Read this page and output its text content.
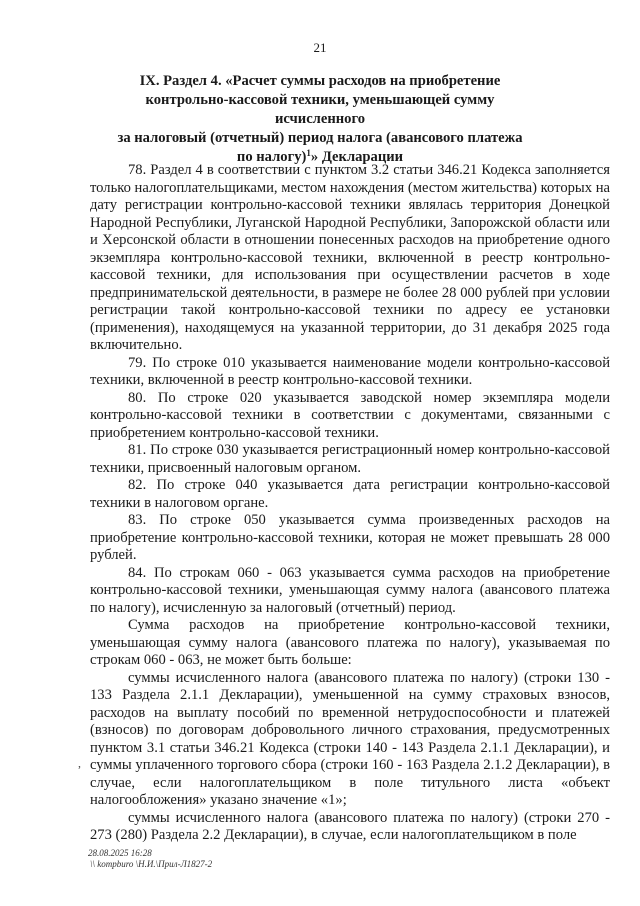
21
IX. Раздел 4. «Расчет суммы расходов на приобретение
контрольно-кассовой техники, уменьшающей сумму исчисленного
за налоговый (отчетный) период налога (авансового платежа
по налогу)$^1$» Декларации
,

78. Раздел 4 в соответствии с пунктом 3.2 статьи 346.21 Кодекса заполняется только налогоплательщиками, местом нахождения (местом жительства) которых на дату регистрации контрольно-кассовой техники являлась территория Донецкой Народной Республики, Луганской Народной Республики, Запорожской области или и Херсонской области в отношении понесенных расходов на приобретение одного экземпляра контрольно-кассовой техники, включенной в реестр контрольно-кассовой техники, для использования при осуществлении расчетов в ходе предпринимательской деятельности, в размере не более 28 000 рублей при условии регистрации такой контрольно-кассовой техники по адресу ее установки (применения), находящемуся на указанной территории, до 31 декабря 2025 года включительно.

79. По строке 010 указывается наименование модели контрольно-кассовой техники, включенной в реестр контрольно-кассовой техники.

80. По строке 020 указывается заводской номер экземпляра модели контрольно-кассовой техники в соответствии с документами, связанными с приобретением контрольно-кассовой техники.

81. По строке 030 указывается регистрационный номер контрольно-кассовой техники, присвоенный налоговым органом.

82. По строке 040 указывается дата регистрации контрольно-кассовой техники в налоговом органе.

83. По строке 050 указывается сумма произведенных расходов на приобретение контрольно-кассовой техники, которая не может превышать 28 000 рублей.

84. По строкам 060 - 063 указывается сумма расходов на приобретение контрольно-кассовой техники, уменьшающая сумму налога (авансового платежа по налогу), исчисленную за налоговый (отчетный) период.

Сумма расходов на приобретение контрольно-кассовой техники, уменьшающая сумму налога (авансового платежа по налогу), указываемая по строкам 060 - 063, не может быть больше:

суммы исчисленного налога (авансового платежа по налогу) (строки 130 - 133 Раздела 2.1.1 Декларации), уменьшенной на сумму страховых взносов, расходов на выплату пособий по временной нетрудоспособности и платежей (взносов) по договорам добровольного личного страхования, предусмотренных пунктом 3.1 статьи 346.21 Кодекса (строки 140 - 143 Раздела 2.1.1 Декларации), и суммы уплаченного торгового сбора (строки 160 - 163 Раздела 2.1.2 Декларации), в случае, если налогоплательщиком в поле титульного листа «объект налогообложения» указано значение «1»;

суммы исчисленного налога (авансового платежа по налогу) (строки 270 - 273 (280) Раздела 2.2 Декларации), в случае, если налогоплательщиком в поле

28.08.2025 16:28
\\ kompburo \Н.И.\Прил-Л1827-2
